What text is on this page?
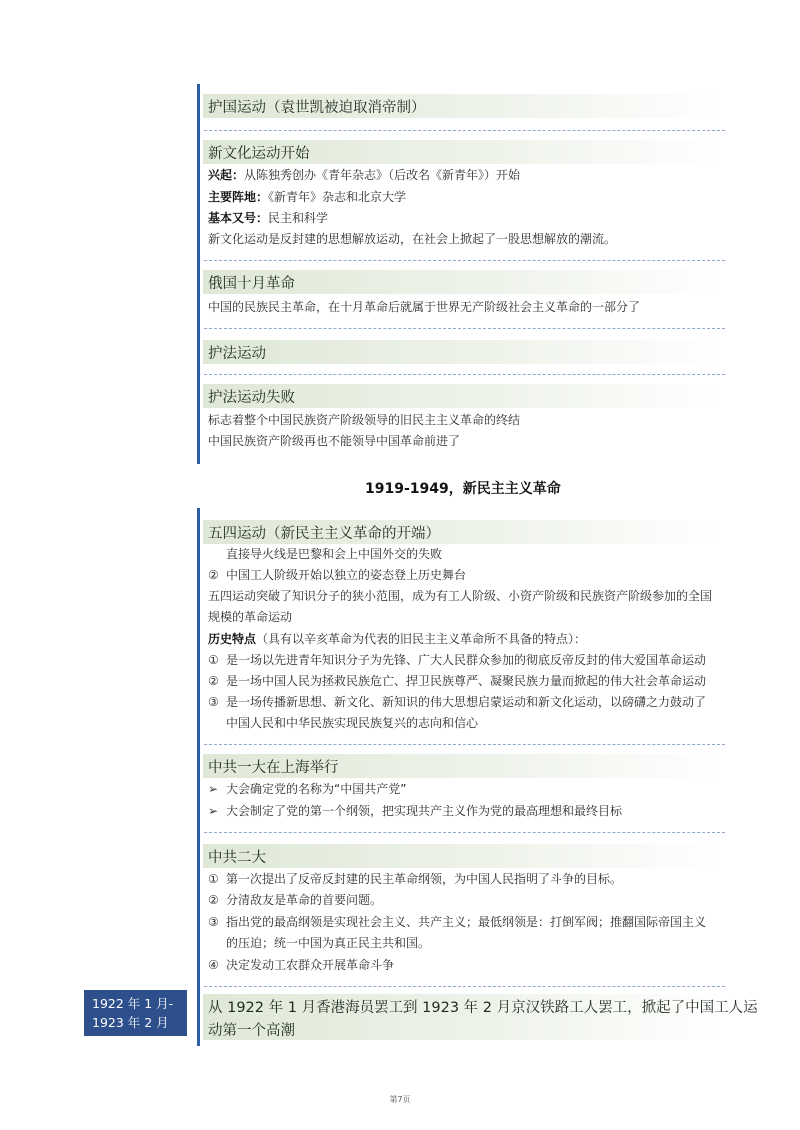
护国运动（袁世凯被迫取消帝制）
新文化运动开始
兴起：从陈独秀创办《青年杂志》（后改名《新青年》）开始
主要阵地：《新青年》杂志和北京大学
基本又号：民主和科学
新文化运动是反封建的思想解放运动，在社会上掀起了一股思想解放的潮流。
俄国十月革命
中国的民族民主革命，在十月革命后就属于世界无产阶级社会主义革命的一部分了
护法运动
护法运动失败
标志着整个中国民族资产阶级领导的旧民主主义革命的终结
中国民族资产阶级再也不能领导中国革命前进了
1919-1949，新民主主义革命
五四运动（新民主主义革命的开端）
直接导火线是巴黎和会上中国外交的失败
② 中国工人阶级开始以独立的姿态登上历史舞台
五四运动突破了知识分子的狭小范围，成为有工人阶级、小资产阶级和民族资产阶级参加的全国
规模的革命运动
历史特点（具有以辛亥革命为代表的旧民主主义革命所不具备的特点）：
① 是一场以先进青年知识分子为先锋、广大人民群众参加的彻底反帝反封的伟大爱国革命运动
② 是一场中国人民为拯救民族危亡、捍卫民族尊严、凝聚民族力量而掀起的伟大社会革命运动
③ 是一场传播新思想、新文化、新知识的伟大思想启蒙运动和新文化运动，以磅礴之力鼓动了
中国人民和中华民族实现民族复兴的志向和信心
中共一大在上海举行
➢ 大会确定党的名称为“中国共产党”
➢ 大会制定了党的第一个纲领，把实现共产主义作为党的最高理想和最终目标
中共二大
① 第一次提出了反帝反封建的民主革命纲领，为中国人民指明了斗争的目标。
② 分清敌友是革命的首要问题。
③ 指出党的最高纲领是实现社会主义、共产主义；最低纲领是：打倒军阀；推翻国际帝国主义
的压迫；统一中国为真正民主共和国。
④ 决定发动工农群众开展革命斗争
从 1922 年 1 月香港海员罢工到 1923 年 2 月京汉铁路工人罢工，掀起了中国工人运
动第一个高潮
1922 年 1 月-
1923 年 2 月
第7页
